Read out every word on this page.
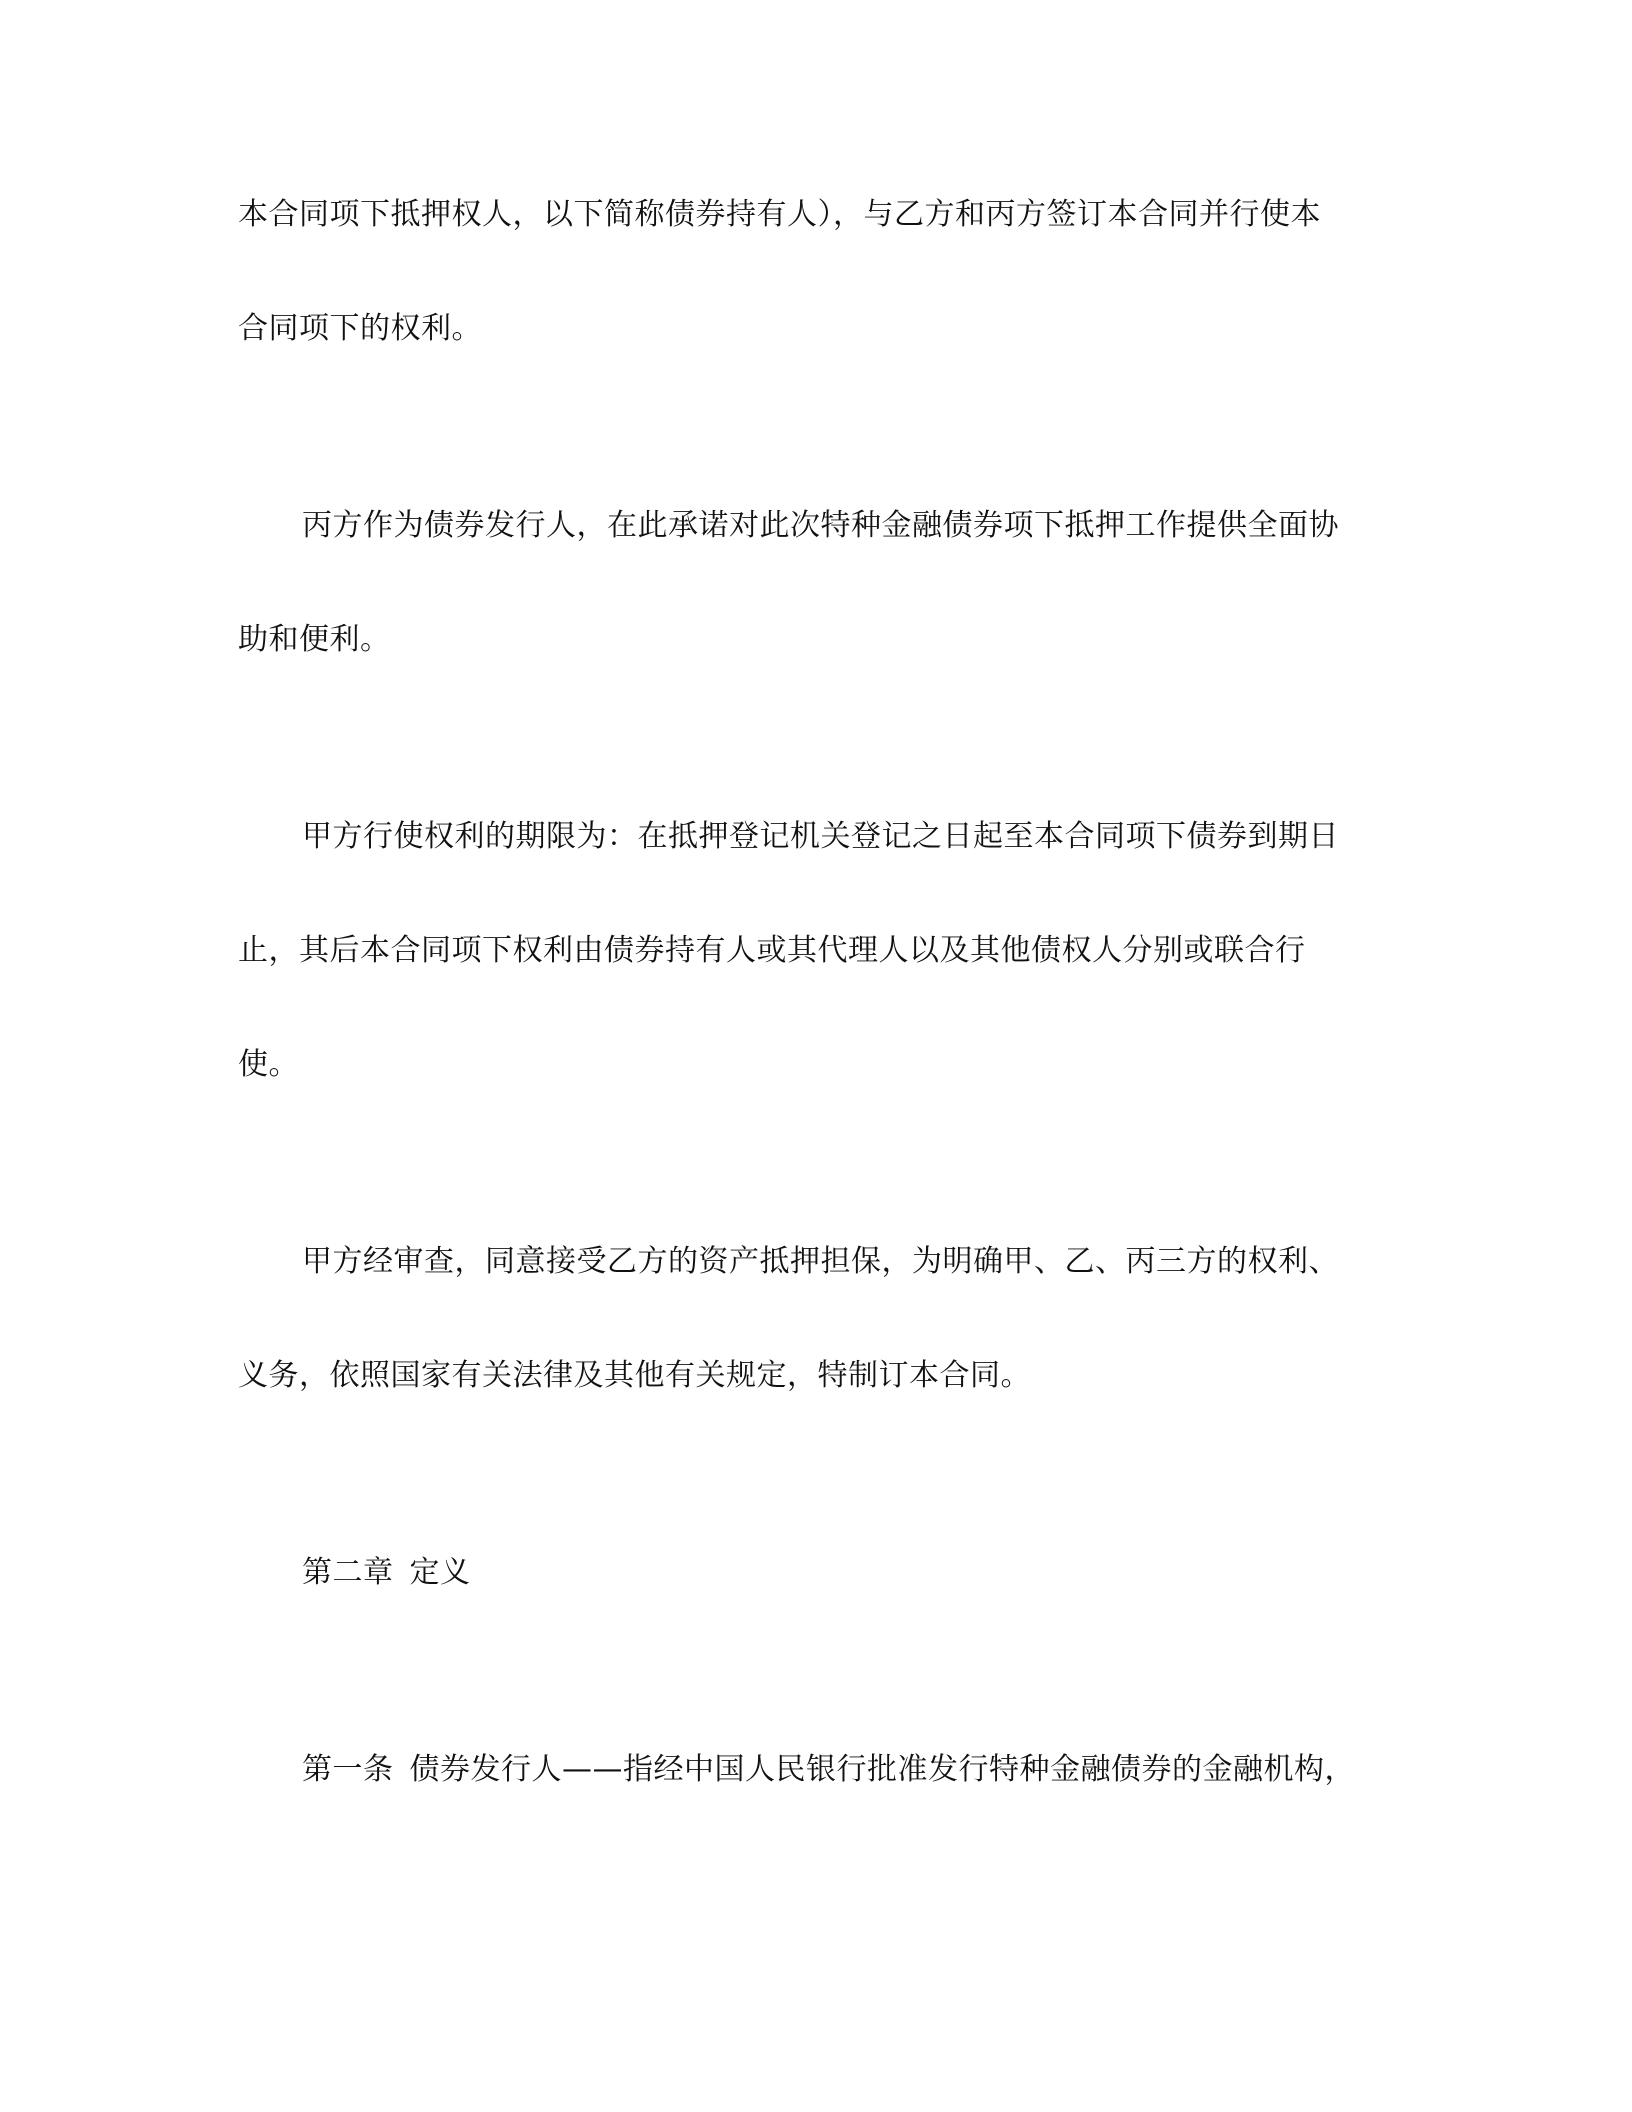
本合同项下抵押权人，以下简称债券持有人），与乙方和丙方签订本合同并行使本
合同项下的权利。
丙方作为债券发行人，在此承诺对此次特种金融债券项下抵押工作提供全面协
助和便利。
甲方行使权利的期限为：在抵押登记机关登记之日起至本合同项下债券到期日
止，其后本合同项下权利由债券持有人或其代理人以及其他债权人分别或联合行
使。
甲方经审查，同意接受乙方的资产抵押担保，为明确甲、乙、丙三方的权利、
义务，依照国家有关法律及其他有关规定，特制订本合同。
第二章 定义
第一条 债券发行人——指经中国人民银行批准发行特种金融债券的金融机构，
